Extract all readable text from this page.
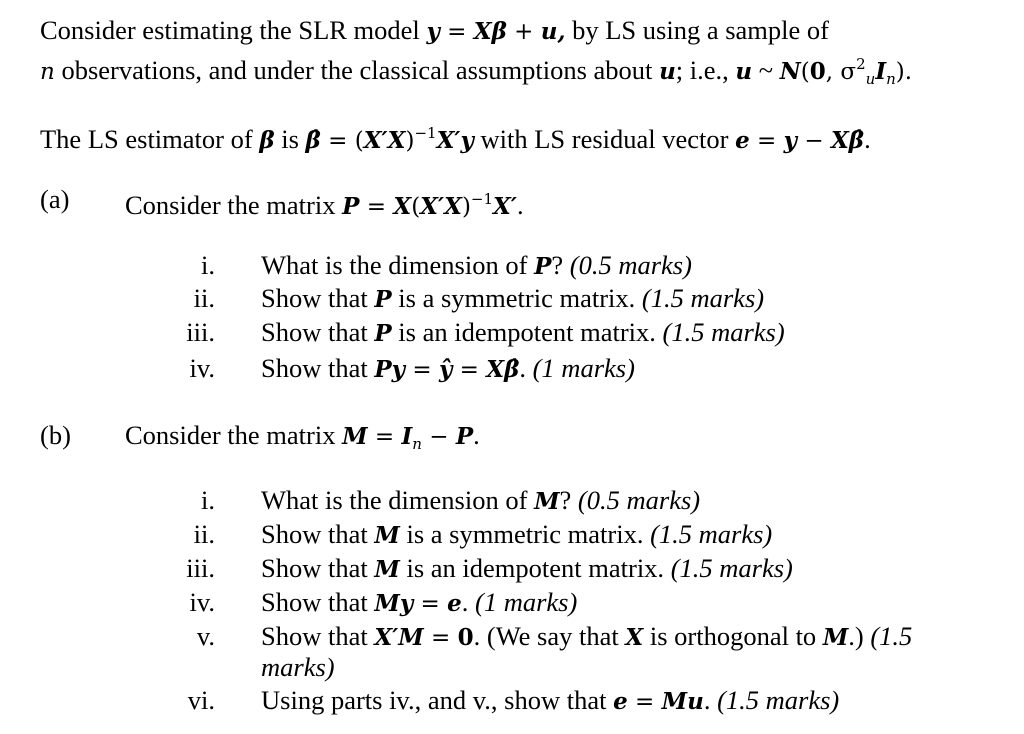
Consider estimating the SLR model y = Xβ + u, by LS using a sample of
n observations, and under the classical assumptions about u; i.e., u ~ N(0, $\sigma^2_uI_n$).
The LS estimator of β is β̂ = $(X'X)^{-1}X'y$ with LS residual vector e = y − Xβ̂.
(a) Consider the matrix $P = X(X'X)^{-1}X'$.
i. What is the dimension of P? (0.5 marks)
ii. Show that P is a symmetric matrix. (1.5 marks)
iii. Show that P is an idempotent matrix. (1.5 marks)
iv. Show that Py = ŷ = Xβ̂. (1 marks)
(b) Consider the matrix $M = I_n - P$.
i. What is the dimension of M? (0.5 marks)
ii. Show that M is a symmetric matrix. (1.5 marks)
iii. Show that M is an idempotent matrix. (1.5 marks)
iv. Show that My = e. (1 marks)
v. Show that X′M = 0. (We say that X is orthogonal to M.) (1.5
marks)
vi. Using parts iv., and v., show that e = Mu. (1.5 marks)
